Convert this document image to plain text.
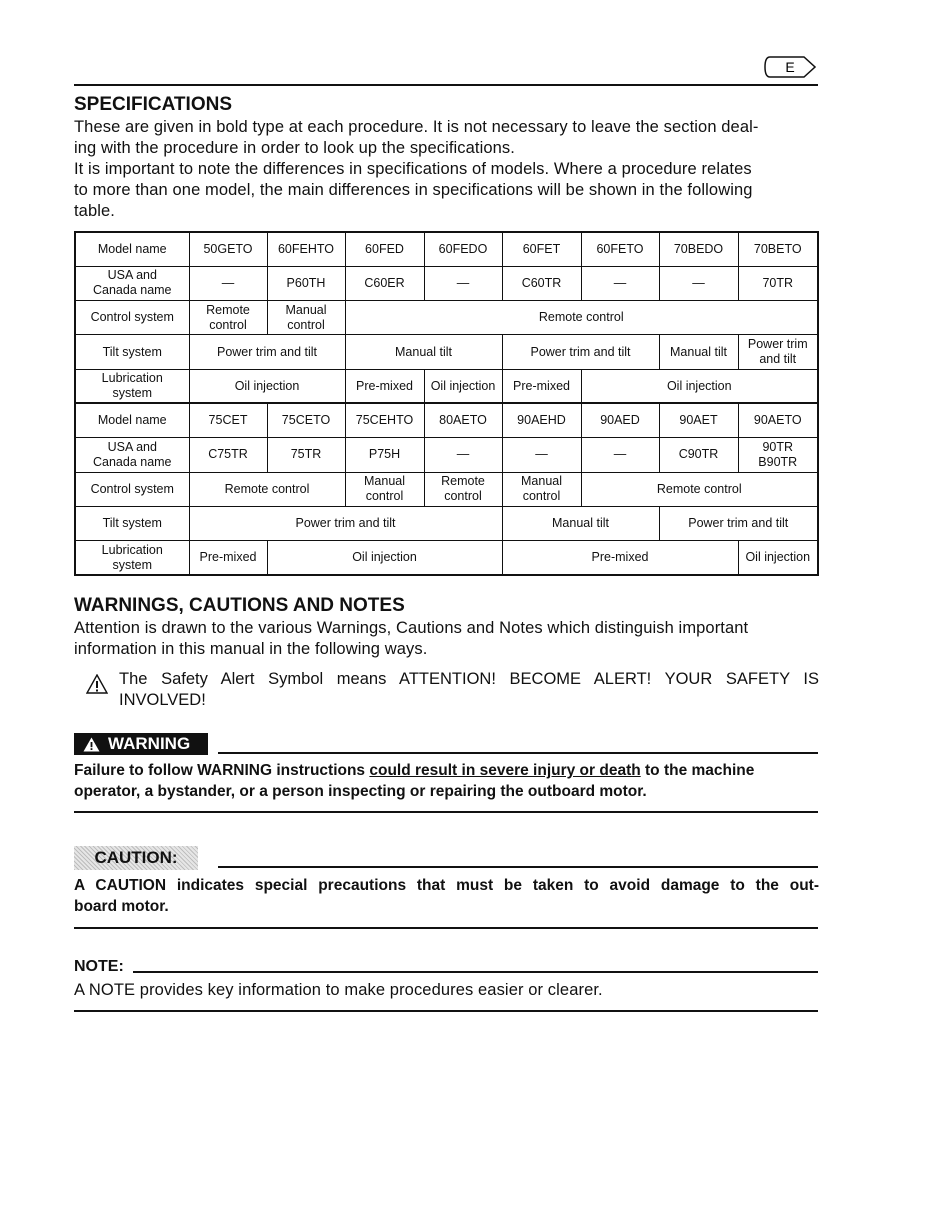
E
SPECIFICATIONS

These are given in bold type at each procedure. It is not necessary to leave the section deal-

ing with the procedure in order to look up the specifications.

It is important to note the differences in specifications of models. Where a procedure relates

to more than one model, the main differences in specifications will be shown in the following

table.

Model name	50GETO	60FEHTO	60FED	60FEDO	60FET	60FETO	70BEDO	70BETO
USA and
Canada name	—	P60TH	C60ER	—	C60TR	—	—	70TR
Control system	Remote
control	Manual
control	Remote control					
Tilt system	Power trim and tilt		Manual tilt		Power trim and tilt		Manual tilt	Power trim
and tilt
Lubrication
system	Oil injection		Pre-mixed	Oil injection	Pre-mixed	Oil injection		
Model name	75CET	75CETO	75CEHTO	80AETO	90AEHD	90AED	90AET	90AETO
USA and
Canada name	C75TR	75TR	P75H	—	—	—	C90TR	90TR
B90TR
Control system	Remote control		Manual
control	Remote
control	Manual
control	Remote control		
Tilt system	Power trim and tilt				Manual tilt		Power trim and tilt	
Lubrication
system	Pre-mixed	Oil injection			Pre-mixed			Oil injection
WARNINGS, CAUTIONS AND NOTES

Attention is drawn to the various Warnings, Cautions and Notes which distinguish important

information in this manual in the following ways.

The Safety Alert Symbol means ATTENTION! BECOME ALERT! YOUR SAFETY IS
INVOLVED!
WARNING
Failure to follow WARNING instructions could result in severe injury or death to the machine
operator, a bystander, or a person inspecting or repairing the outboard motor.
CAUTION:
A CAUTION indicates special precautions that must be taken to avoid damage to the out-
board motor.
NOTE:
A NOTE provides key information to make procedures easier or clearer.
